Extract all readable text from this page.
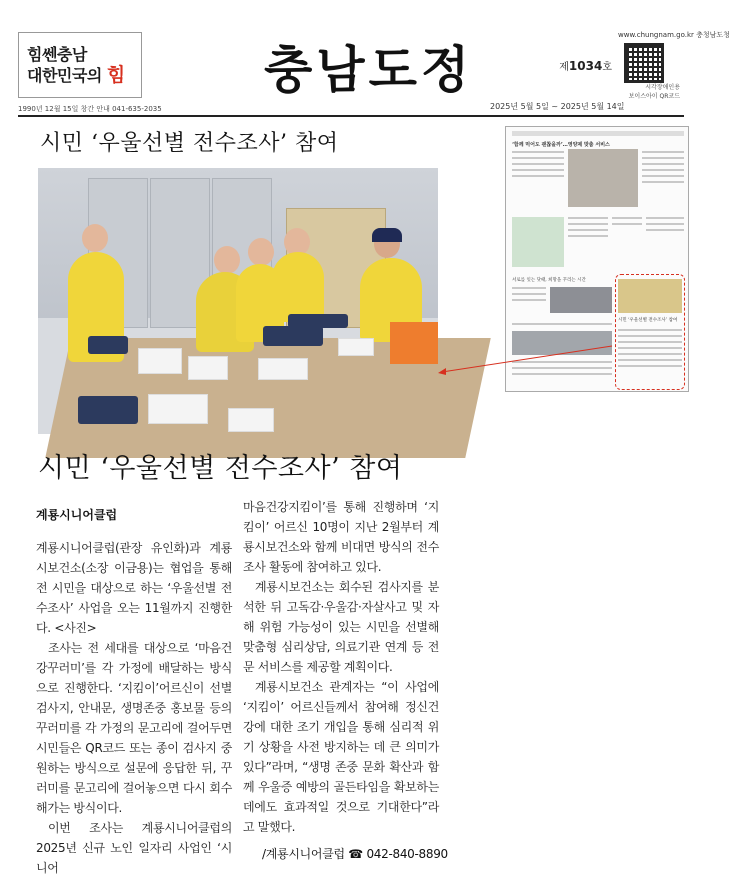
힘쎈충남
대한민국의 힘
1990년 12월 15일 창간 안내 041-635-2035
충남도정	제1034호
2025년 5월 5일 ~ 2025년 5월 14일
www.chungnam.go.kr 충청남도청
시각장애인용
보이스아이 QR코드
시민 ‘우울선별 전수조사’ 참여	‘함께 먹어도 괜찮을까’…영양제 맞춤 서비스
서로를 잇는 닷때, 희망을 꾸리는 시간
시민 ‘우울선별 전수조사’ 참여
시민 ‘우울선별 전수조사’ 참여
계룡시니어클럽

계룡시니어클럽(관장 유인화)과 계룡시보건소(소장 이금용)는 협업을 통해 전 시민을 대상으로 하는 ‘우울선별 전수조사’ 사업을 오는 11월까지 진행한다. <사진>

조사는 전 세대를 대상으로 ‘마음건강꾸러미’를 각 가정에 배달하는 방식으로 진행한다. ‘지킴이’어르신이 선별검사지, 안내문, 생명존중 홍보물 등의 꾸러미를 각 가정의 문고리에 걸어두면 시민들은 QR코드 또는 종이 검사지 중 원하는 방식으로 설문에 응답한 뒤, 꾸러미를 문고리에 걸어놓으면 다시 회수해가는 방식이다.

이번 조사는 계룡시니어클럽의 2025년 신규 노인 일자리 사업인 ‘시니어

마음건강지킴이’를 통해 진행하며 ‘지킴이’ 어르신 10명이 지난 2월부터 계룡시보건소와 함께 비대면 방식의 전수조사 활동에 참여하고 있다.

계룡시보건소는 회수된 검사지를 분석한 뒤 고독감·우울감·자살사고 및 자해 위험 가능성이 있는 시민을 선별해 맞춤형 심리상담, 의료기관 연계 등 전문 서비스를 제공할 계획이다.

계룡시보건소 관계자는 “이 사업에 ‘지킴이’ 어르신들께서 참여해 정신건강에 대한 조기 개입을 통해 심리적 위기 상황을 사전 방지하는 데 큰 의미가 있다”라며, “생명 존중 문화 확산과 함께 우울증 예방의 골든타임을 확보하는 데에도 효과적일 것으로 기대한다”라고 말했다.

/계룡시니어클럽 ☎ 042-840-8890
